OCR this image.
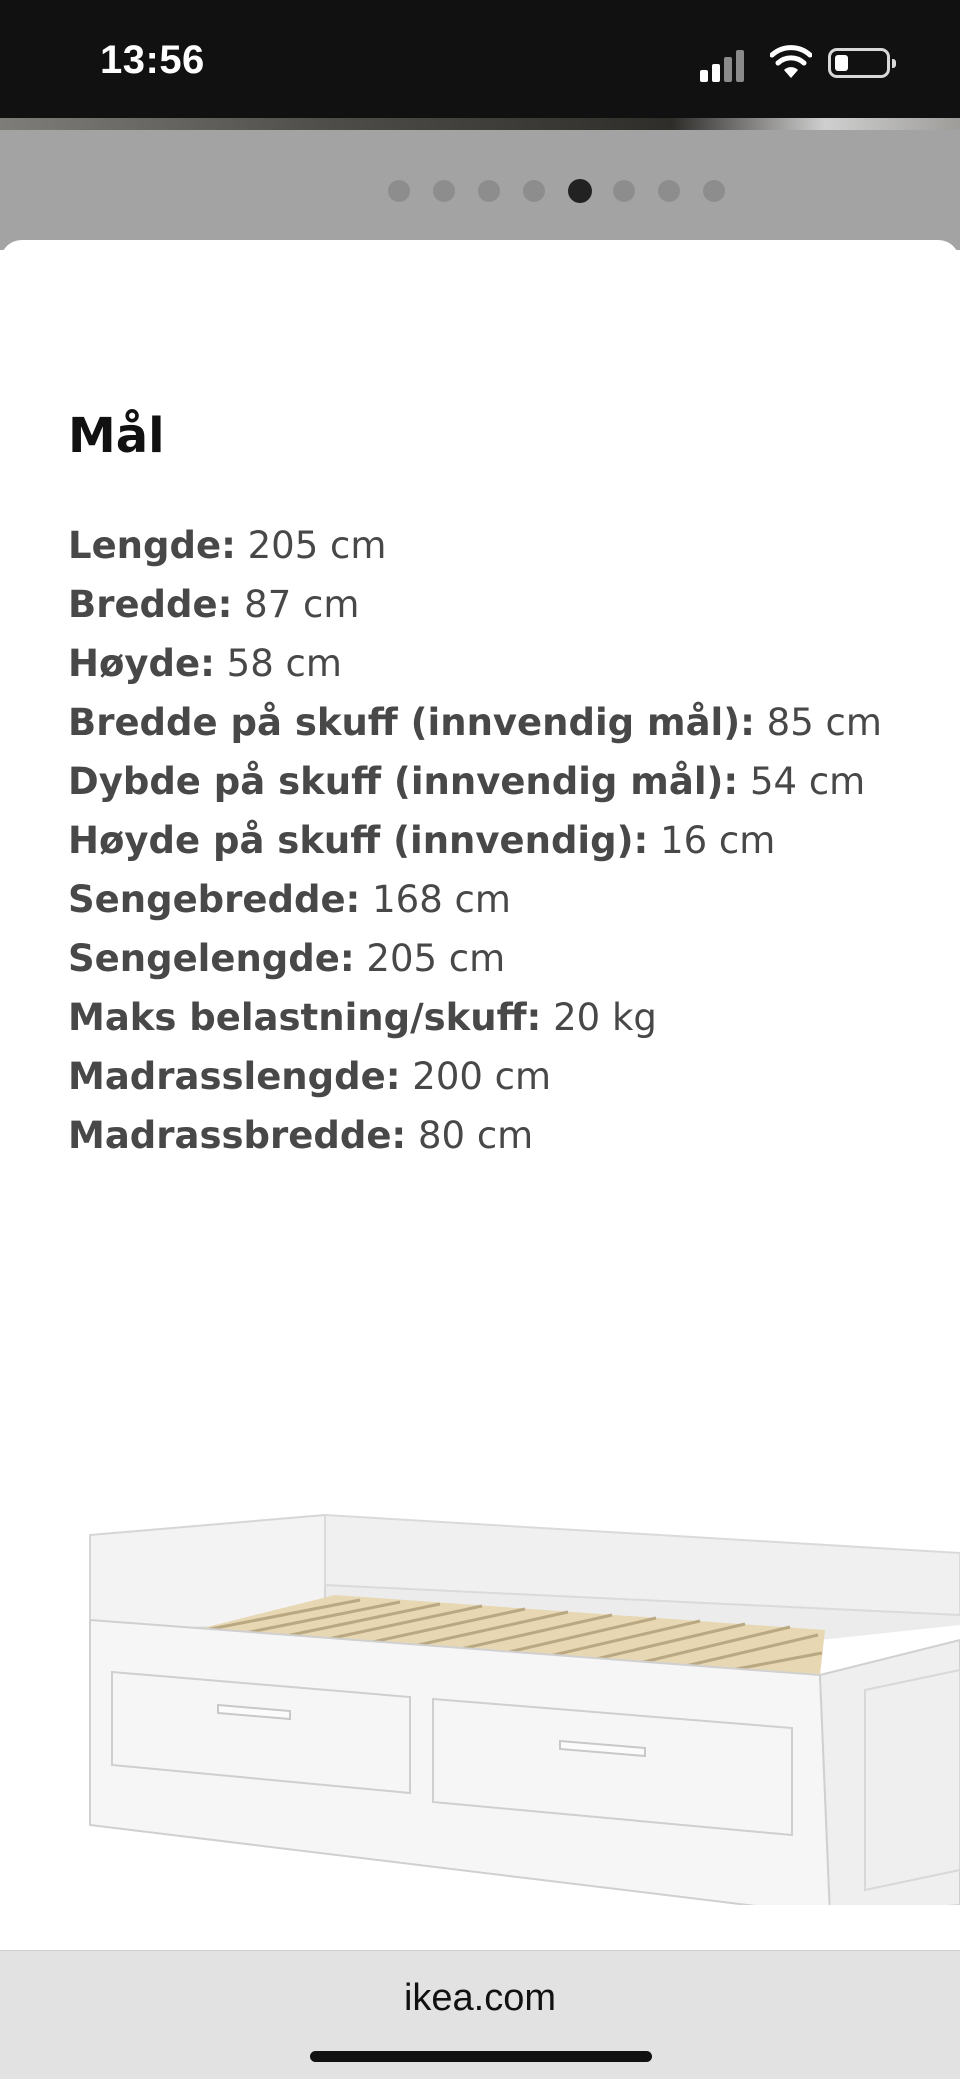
13:56
Mål
Lengde: 205 cm
Bredde: 87 cm
Høyde: 58 cm
Bredde på skuff (innvendig mål): 85 cm
Dybde på skuff (innvendig mål): 54 cm
Høyde på skuff (innvendig): 16 cm
Sengebredde: 168 cm
Sengelengde: 205 cm
Maks belastning/skuff: 20 kg
Madrasslengde: 200 cm
Madrassbredde: 80 cm
ikea.com
